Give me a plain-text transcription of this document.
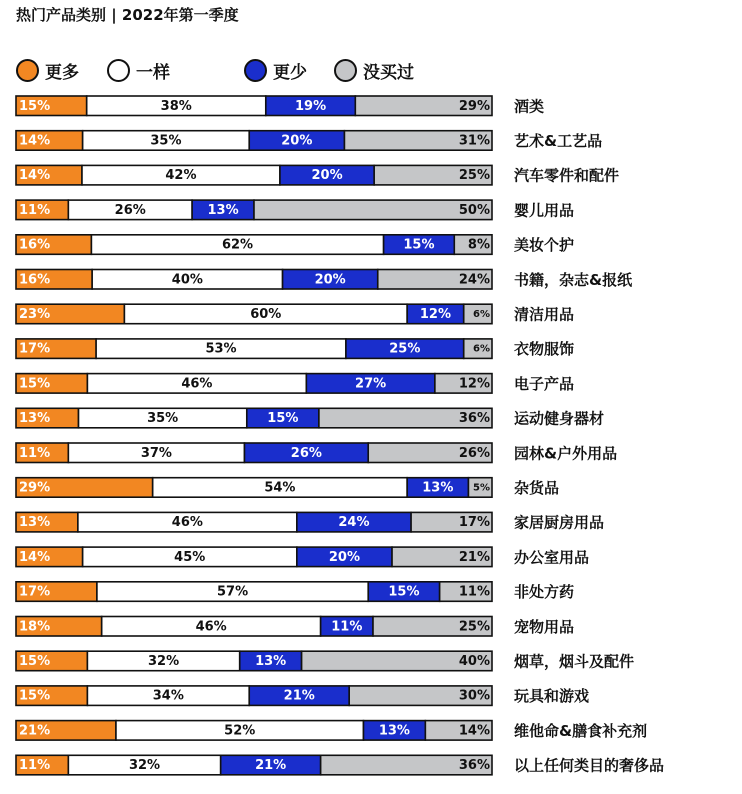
热门产品类别 | 2022年第一季度
更多	一样	更少	没买过
15%	38%	19%	29% 酒类
14%	35%	20%	31% 艺术&工艺品
14%	42%	20%	25% 汽车零件和配件
11%	26%	13%	50% 婴儿用品
16%	62%	15%	8% 美妆个护
16%	40%	20%	24% 书籍，杂志&报纸
23%	60%	12% 6% 清洁用品
17%	53%	25%	6% 衣物服饰
15%	46%	27%	12% 电子产品
13%	35%	15%	36% 运动健身器材
11%	37%	26%	26% 园林&户外用品
29%	54%	13% 5% 杂货品
13%	46%	24%	17% 家居厨房用品
14%	45%	20%	21% 办公室用品
17%	57%	15%	11% 非处方药
18%	46%	11%	25% 宠物用品
15%	32%	13%	40% 烟草，烟斗及配件
15%	34%	21%	30% 玩具和游戏
21%	52%	13%	14% 维他命&膳食补充剂
11%	32%	21%	36% 以上任何类目的奢侈品
